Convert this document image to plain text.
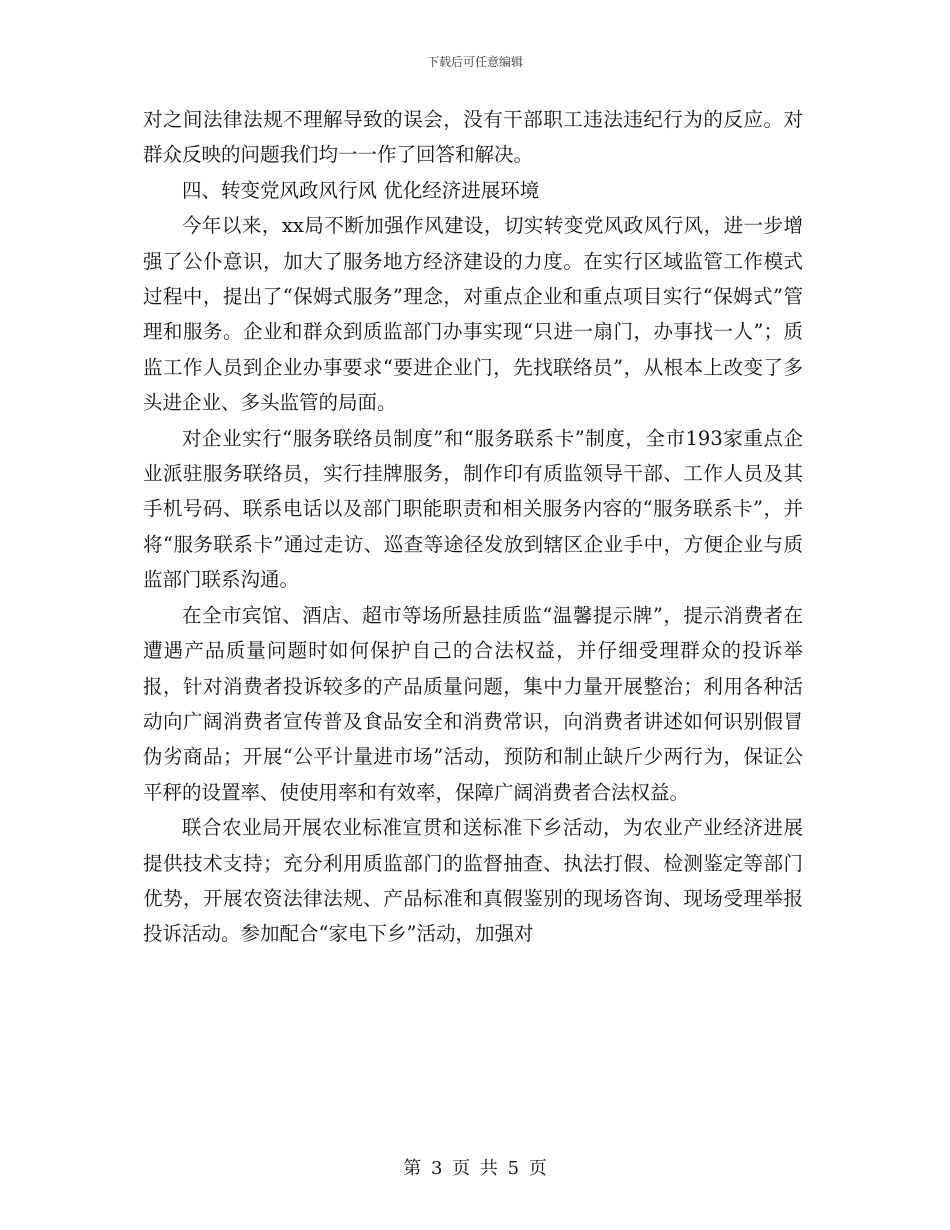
下载后可任意编辑

对之间法律法规不理解导致的误会，没有干部职工违法违纪行为的反应。对群众反映的问题我们均一一作了回答和解决。

四、转变党风政风行风 优化经济进展环境

今年以来，xx局不断加强作风建设，切实转变党风政风行风，进一步增强了公仆意识，加大了服务地方经济建设的力度。在实行区域监管工作模式过程中，提出了“保姆式服务”理念，对重点企业和重点项目实行“保姆式”管理和服务。企业和群众到质监部门办事实现“只进一扇门，办事找一人”；质监工作人员到企业办事要求“要进企业门，先找联络员”，从根本上改变了多头进企业、多头监管的局面。

对企业实行“服务联络员制度”和“服务联系卡”制度，全市193家重点企业派驻服务联络员，实行挂牌服务，制作印有质监领导干部、工作人员及其手机号码、联系电话以及部门职能职责和相关服务内容的“服务联系卡”，并将“服务联系卡”通过走访、巡查等途径发放到辖区企业手中，方便企业与质监部门联系沟通。

在全市宾馆、酒店、超市等场所悬挂质监“温馨提示牌”，提示消费者在遭遇产品质量问题时如何保护自己的合法权益，并仔细受理群众的投诉举报，针对消费者投诉较多的产品质量问题，集中力量开展整治；利用各种活动向广阔消费者宣传普及食品安全和消费常识，向消费者讲述如何识别假冒伪劣商品；开展“公平计量进市场”活动，预防和制止缺斤少两行为，保证公平秤的设置率、使使用率和有效率，保障广阔消费者合法权益。

联合农业局开展农业标准宣贯和送标准下乡活动，为农业产业经济进展提供技术支持；充分利用质监部门的监督抽查、执法打假、检测鉴定等部门优势，开展农资法律法规、产品标准和真假鉴别的现场咨询、现场受理举报投诉活动。参加配合“家电下乡”活动，加强对

第 3 页 共 5 页
